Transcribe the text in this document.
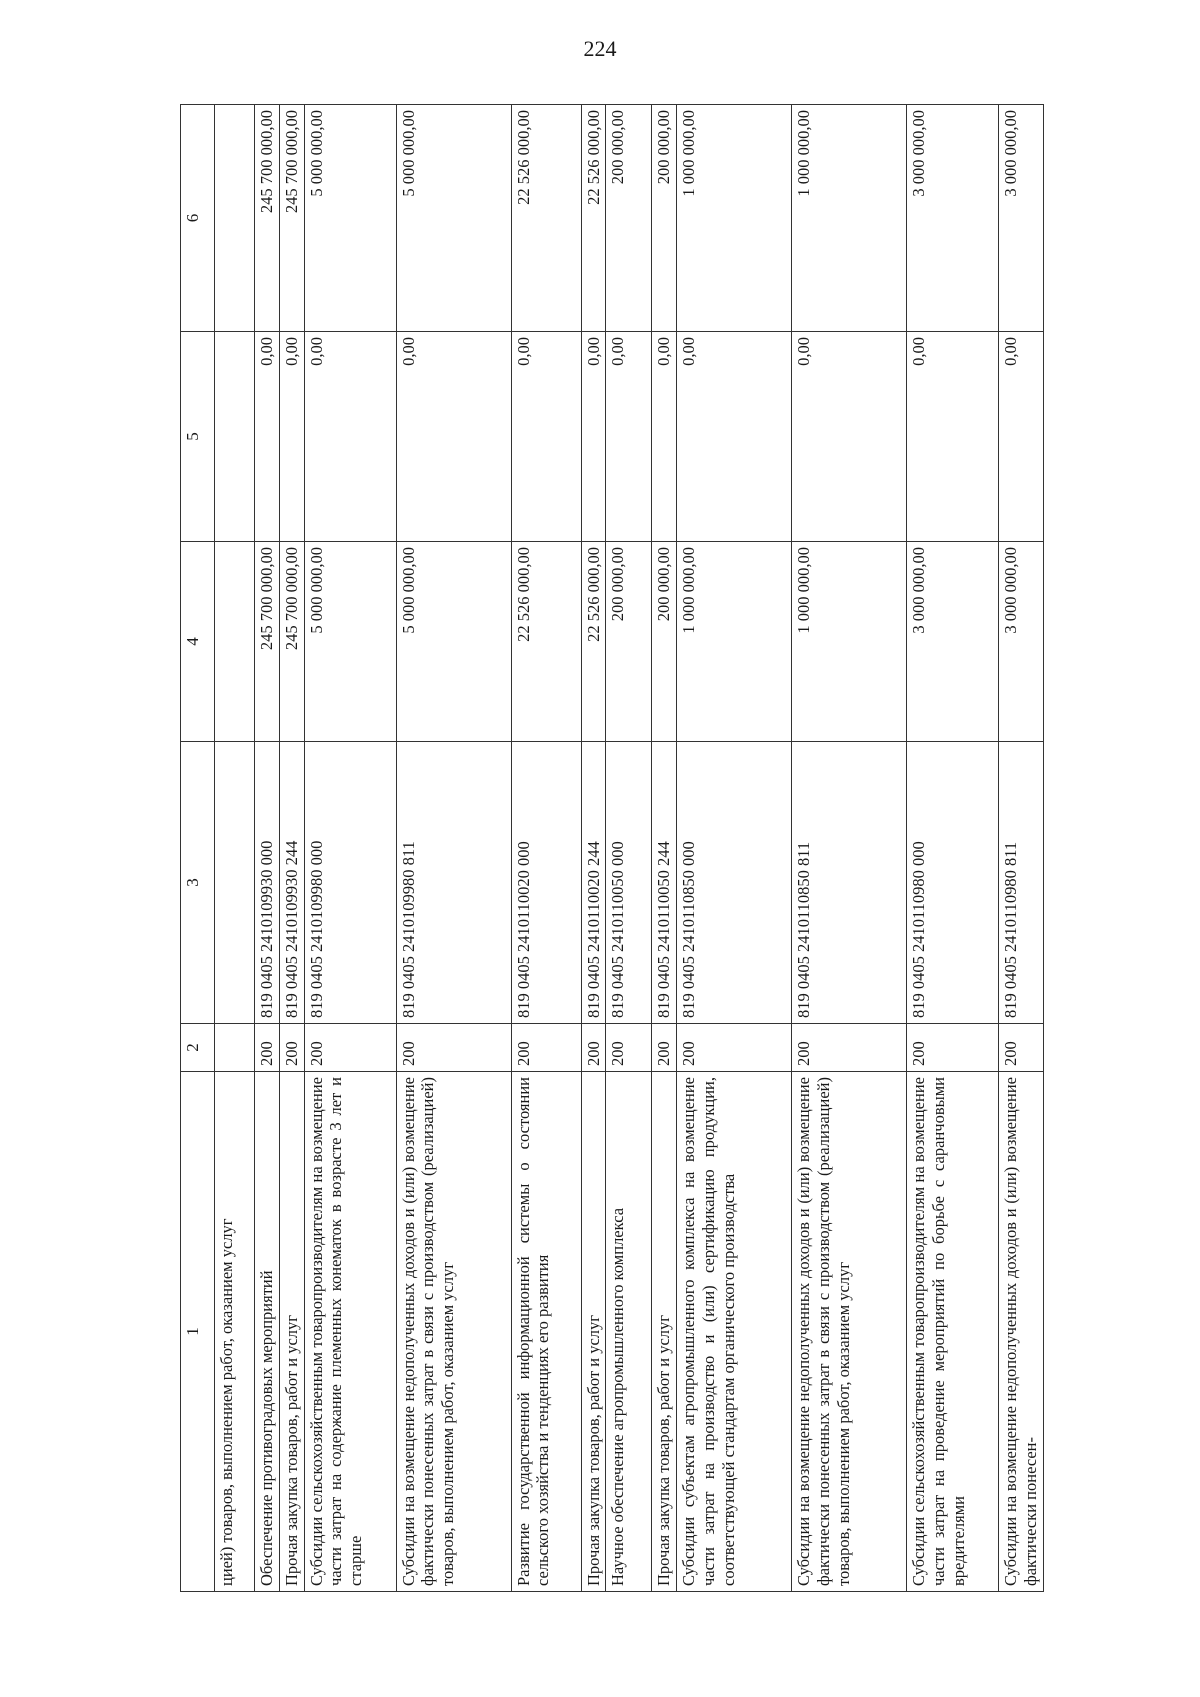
224
1	2	3	4	5	6
цией) товаров, выполнением работ, оказанием услуг					
Обеспечение противоградовых мероприятий	200	819 0405 2410109930 000	245 700 000,00	0,00	245 700 000,00
Прочая закупка товаров, работ и услуг	200	819 0405 2410109930 244	245 700 000,00	0,00	245 700 000,00
Субсидии сельскохозяйственным товаропроизводителям на возмещение части затрат на содержание племенных конематок в возрасте 3 лет и старше	200	819 0405 2410109980 000	5 000 000,00	0,00	5 000 000,00
Субсидии на возмещение недополученных доходов и (или) возмещение фактически понесенных затрат в связи с производством (реализацией) товаров, выполнением работ, оказанием услуг	200	819 0405 2410109980 811	5 000 000,00	0,00	5 000 000,00
Развитие государственной информационной системы о состоянии сельского хозяйства и тенденциях его развития	200	819 0405 2410110020 000	22 526 000,00	0,00	22 526 000,00
Прочая закупка товаров, работ и услуг	200	819 0405 2410110020 244	22 526 000,00	0,00	22 526 000,00
Научное обеспечение агропромышленного комплекса	200	819 0405 2410110050 000	200 000,00	0,00	200 000,00
Прочая закупка товаров, работ и услуг	200	819 0405 2410110050 244	200 000,00	0,00	200 000,00
Субсидии субъектам агропромышленного комплекса на возмещение части затрат на производство и (или) сертификацию продукции, соответствующей стандартам органического производства	200	819 0405 2410110850 000	1 000 000,00	0,00	1 000 000,00
Субсидии на возмещение недополученных доходов и (или) возмещение фактически понесенных затрат в связи с производством (реализацией) товаров, выполнением работ, оказанием услуг	200	819 0405 2410110850 811	1 000 000,00	0,00	1 000 000,00
Субсидии сельскохозяйственным товаропроизводителям на возмещение части затрат на проведение мероприятий по борьбе с саранчовыми вредителями	200	819 0405 2410110980 000	3 000 000,00	0,00	3 000 000,00
Субсидии на возмещение недополученных доходов и (или) возмещение фактически понесен-	200	819 0405 2410110980 811	3 000 000,00	0,00	3 000 000,00
